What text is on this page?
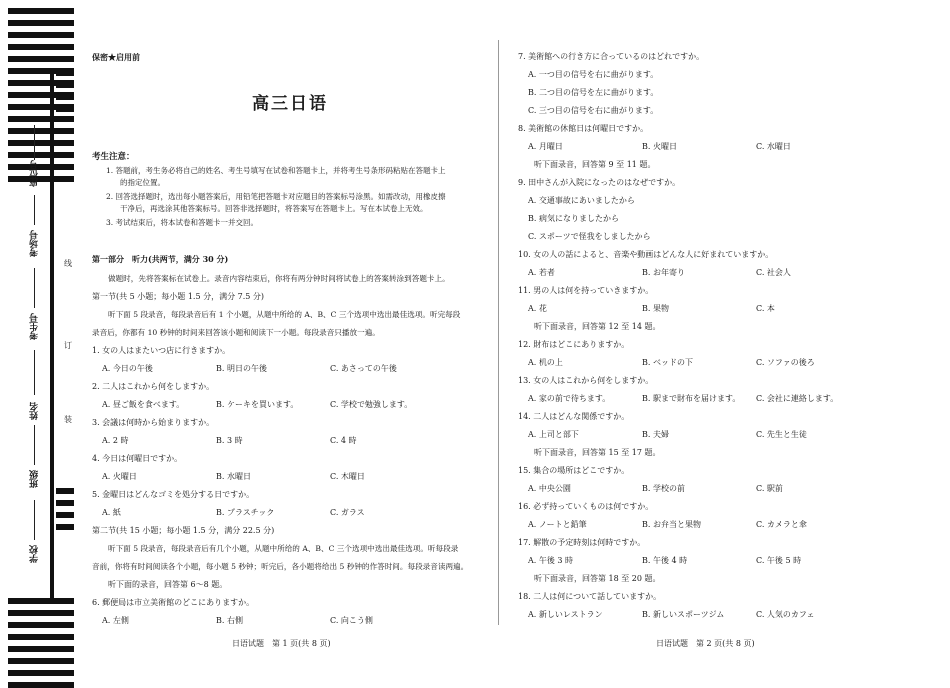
座位号
考场号
考生号
姓名
班级
学校
线
订
装
保密★启用前
高三日语
考生注意：
1. 答题前，考生务必将自己的姓名、考生号填写在试卷和答题卡上，并将考生号条形码粘贴在答题卡上
的指定位置。
2. 回答选择题时，选出每小题答案后，用铅笔把答题卡对应题目的答案标号涂黑。如需改动，用橡皮擦
干净后，再选涂其他答案标号。回答非选择题时，将答案写在答题卡上。写在本试卷上无效。
3. 考试结束后，将本试卷和答题卡一并交回。
第一部分　听力(共两节，满分 30 分)
做题时，先将答案标在试卷上。录音内容结束后，你将有两分钟时间将试卷上的答案转涂到答题卡上。
第一节(共 5 小题；每小题 1.5 分，满分 7.5 分)
听下面 5 段录音，每段录音后有 1 个小题，从题中所给的 A、B、C 三个选项中选出最佳选项。听完每段
录音后，你都有 10 秒钟的时间来回答该小题和阅读下一小题。每段录音只播放一遍。
1. 女の人はまたいつ店に行きますか。
A. 今日の午後	B. 明日の午後	C. あさっての午後
2. 二人はこれから何をしますか。
A. 昼ご飯を食べます。	B. ケーキを買います。	C. 学校で勉強します。
3. 会議は何時から始まりますか。
A. 2 時	B. 3 時	C. 4 時
4. 今日は何曜日ですか。
A. 火曜日	B. 水曜日	C. 木曜日
5. 金曜日はどんなゴミを処分する日ですか。
A. 紙	B. プラスチック	C. ガラス
第二节(共 15 小题；每小题 1.5 分，满分 22.5 分)
听下面 5 段录音，每段录音后有几个小题，从题中所给的 A、B、C 三个选项中选出最佳选项。听每段录
音前，你将有时间阅读各个小题，每小题 5 秒钟；听完后，各小题将给出 5 秒钟的作答时间。每段录音读两遍。
听下面的录音，回答第 6～8 题。
6. 郵便局は市立美術館のどこにありますか。
A. 左側	B. 右側	C. 向こう側
日语试题　第 1 页(共 8 页)
7. 美術館への行き方に合っているのはどれですか。
A. 一つ目の信号を右に曲がります。
B. 二つ目の信号を左に曲がります。
C. 三つ目の信号を右に曲がります。
8. 美術館の休館日は何曜日ですか。
A. 月曜日	B. 火曜日	C. 水曜日
听下面录音，回答第 9 至 11 题。
9. 田中さんが入院になったのはなぜですか。
A. 交通事故にあいましたから
B. 病気になりましたから
C. スポーツで怪我をしましたから
10. 女の人の話によると、音楽や動画はどんな人に好まれていますか。
A. 若者	B. お年寄り	C. 社会人
11. 男の人は何を持っていきますか。
A. 花	B. 果物	C. 本
听下面录音，回答第 12 至 14 题。
12. 財布はどこにありますか。
A. 机の上	B. ベッドの下	C. ソファの後ろ
13. 女の人はこれから何をしますか。
A. 家の前で待ちます。	B. 駅まで財布を届けます。 C. 会社に連絡します。
14. 二人はどんな関係ですか。
A. 上司と部下	B. 夫婦	C. 先生と生徒
听下面录音，回答第 15 至 17 题。
15. 集合の場所はどこですか。
A. 中央公園	B. 学校の前	C. 駅前
16. 必ず持っていくものは何ですか。
A. ノートと鉛筆	B. お弁当と果物	C. カメラと傘
17. 解散の予定時刻は何時ですか。
A. 午後 3 時	B. 午後 4 時	C. 午後 5 時
听下面录音，回答第 18 至 20 题。
18. 二人は何について話していますか。
A. 新しいレストラン	B. 新しいスポーツジム	C. 人気のカフェ
日语试题　第 2 页(共 8 页)
